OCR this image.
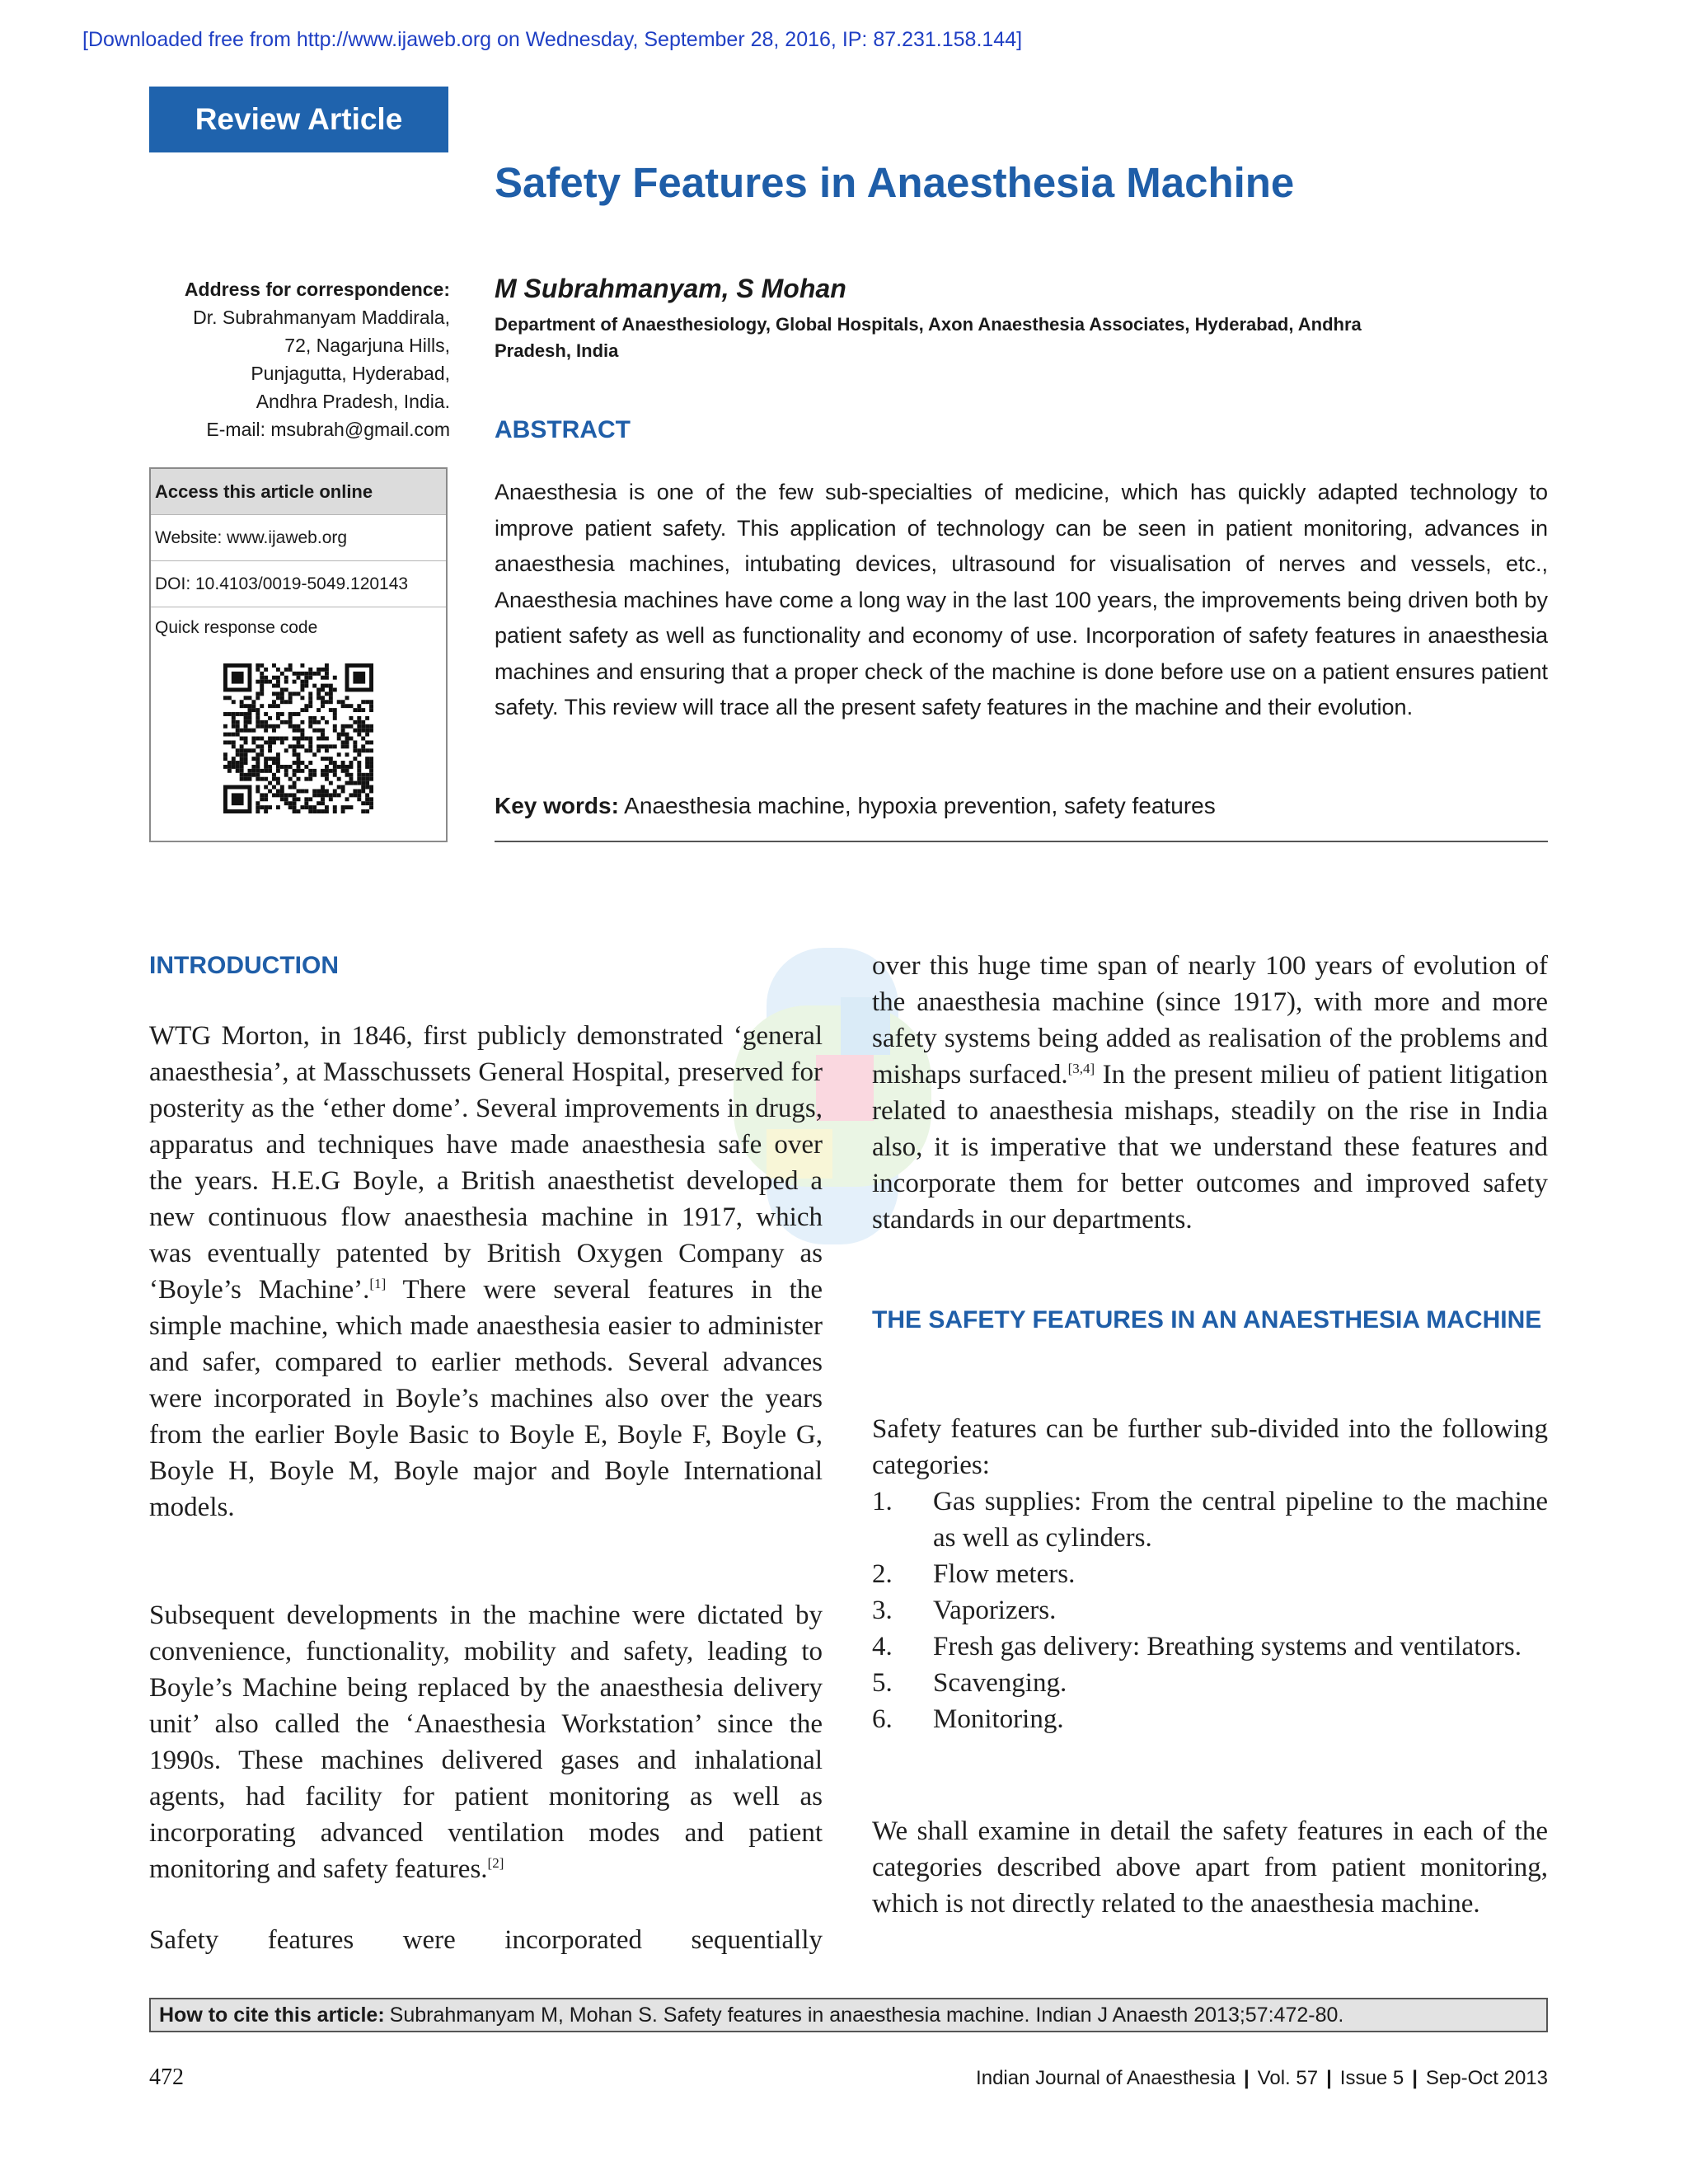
[Downloaded free from http://www.ijaweb.org on Wednesday, September 28, 2016, IP: 87.231.158.144]
Review Article
Safety Features in Anaesthesia Machine
Address for correspondence:
Dr. Subrahmanyam Maddirala,
72, Nagarjuna Hills,
Punjagutta, Hyderabad,
Andhra Pradesh, India.
E-mail: msubrah@gmail.com
Access this article online
Website: www.ijaweb.org
DOI: 10.4103/0019-5049.120143
Quick response code
M Subrahmanyam, S Mohan
Department of Anaesthesiology, Global Hospitals, Axon Anaesthesia Associates, Hyderabad, Andhra Pradesh, India
ABSTRACT
Anaesthesia is one of the few sub-specialties of medicine, which has quickly adapted technology to improve patient safety. This application of technology can be seen in patient monitoring, advances in anaesthesia machines, intubating devices, ultrasound for visualisation of nerves and vessels, etc., Anaesthesia machines have come a long way in the last 100 years, the improvements being driven both by patient safety as well as functionality and economy of use. Incorporation of safety features in anaesthesia machines and ensuring that a proper check of the machine is done before use on a patient ensures patient safety. This review will trace all the present safety features in the machine and their evolution.
Key words: Anaesthesia machine, hypoxia prevention, safety features
INTRODUCTION
WTG Morton, in 1846, first publicly demonstrated ‘general anaesthesia’, at Masschussets General Hospital, preserved for posterity as the ‘ether dome’. Several improvements in drugs, apparatus and techniques have made anaesthesia safe over the years. H.E.G Boyle, a British anaesthetist developed a new continuous flow anaesthesia machine in 1917, which was eventually patented by British Oxygen Company as ‘Boyle’s Machine’.[1] There were several features in the simple machine, which made anaesthesia easier to administer and safer, compared to earlier methods. Several advances were incorporated in Boyle’s machines also over the years from the earlier Boyle Basic to Boyle E, Boyle F, Boyle G, Boyle H, Boyle M, Boyle major and Boyle International models.
Subsequent developments in the machine were dictated by convenience, functionality, mobility and safety, leading to Boyle’s Machine being replaced by the anaesthesia delivery unit’ also called the ‘Anaesthesia Workstation’ since the 1990s. These machines delivered gases and inhalational agents, had facility for patient monitoring as well as incorporating advanced ventilation modes and patient monitoring and safety features.[2]
Safety features were incorporated sequentially
over this huge time span of nearly 100 years of evolution of the anaesthesia machine (since 1917), with more and more safety systems being added as realisation of the problems and mishaps surfaced.[3,4] In the present milieu of patient litigation related to anaesthesia mishaps, steadily on the rise in India also, it is imperative that we understand these features and incorporate them for better outcomes and improved safety standards in our departments.
THE SAFETY FEATURES IN AN ANAESTHESIA MACHINE
Safety features can be further sub-divided into the following categories:
1.	Gas supplies: From the central pipeline to the machine as well as cylinders.
2.	Flow meters.
3.	Vaporizers.
4.	Fresh gas delivery: Breathing systems and ventilators.
5.	Scavenging.
6.	Monitoring.
We shall examine in detail the safety features in each of the categories described above apart from patient monitoring, which is not directly related to the anaesthesia machine.
How to cite this article: Subrahmanyam M, Mohan S. Safety features in anaesthesia machine. Indian J Anaesth 2013;57:472-80.
472	Indian Journal of Anaesthesia | Vol. 57 | Issue 5 | Sep-Oct 2013
